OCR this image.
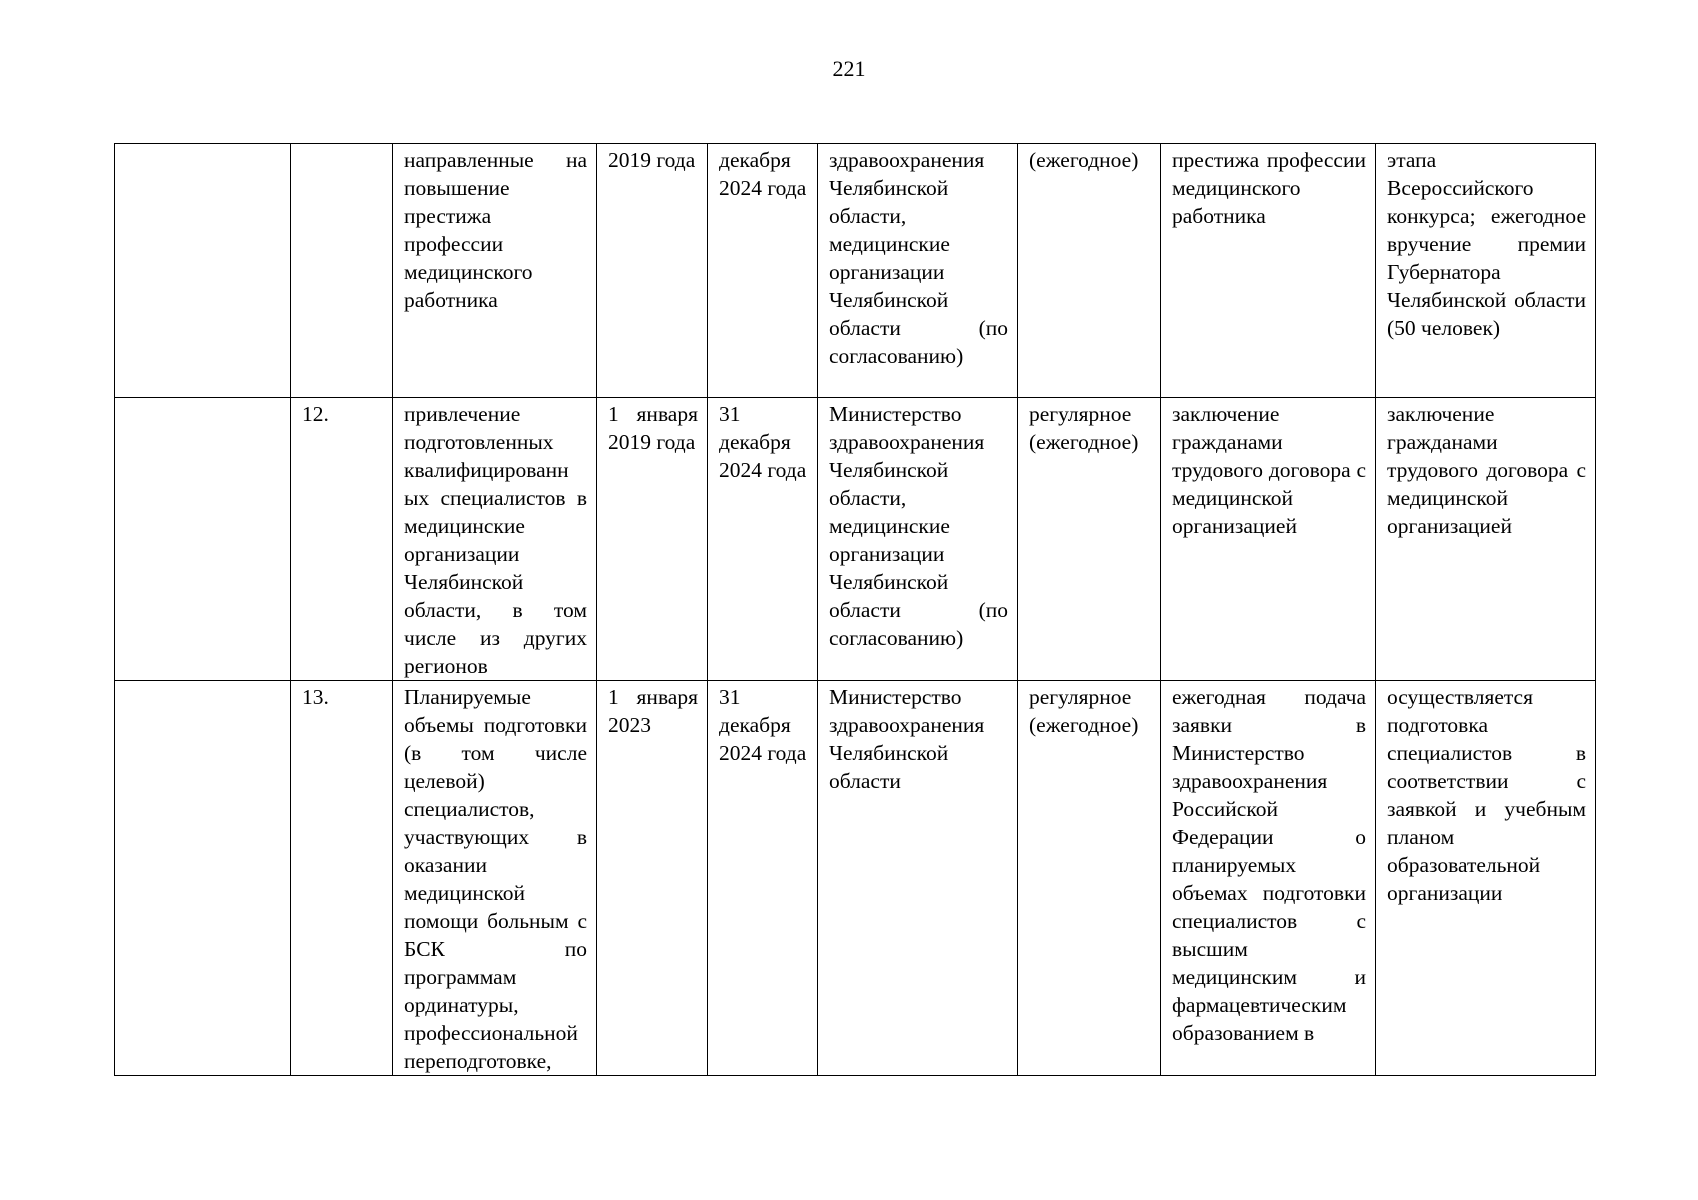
221

		направленные на повышение престижа профессии медицинского работника	2019 года	декабря 2024 года	здравоохранения Челябинской области, медицинские организации Челябинской области (по согласованию)	(ежегодное)	престижа профессии медицинского работника	этапа Всероссийского конкурса; ежегодное вручение премии Губернатора Челябинской области (50 человек)

	12.	привлечение подготовленных квалифицированн ых специалистов в медицинские организации Челябинской области, в том числе из других регионов	1 января 2019 года	31 декабря 2024 года	Министерство здравоохранения Челябинской области, медицинские организации Челябинской области (по согласованию)	регулярное (ежегодное)	заключение гражданами трудового договора с медицинской организацией	заключение гражданами трудового договора с медицинской организацией

	13.	Планируемые объемы подготовки (в том числе целевой) специалистов, участвующих в оказании медицинской помощи больным с БСК по программам ординатуры, профессиональной переподготовке,	1 января 2023	31 декабря 2024 года	Министерство здравоохранения Челябинской области	регулярное (ежегодное)	ежегодная подача заявки в Министерство здравоохранения Российской Федерации о планируемых объемах подготовки специалистов с высшим медицинским и фармацевтическим образованием в	осуществляется подготовка специалистов в соответствии с заявкой и учебным планом образовательной организации
